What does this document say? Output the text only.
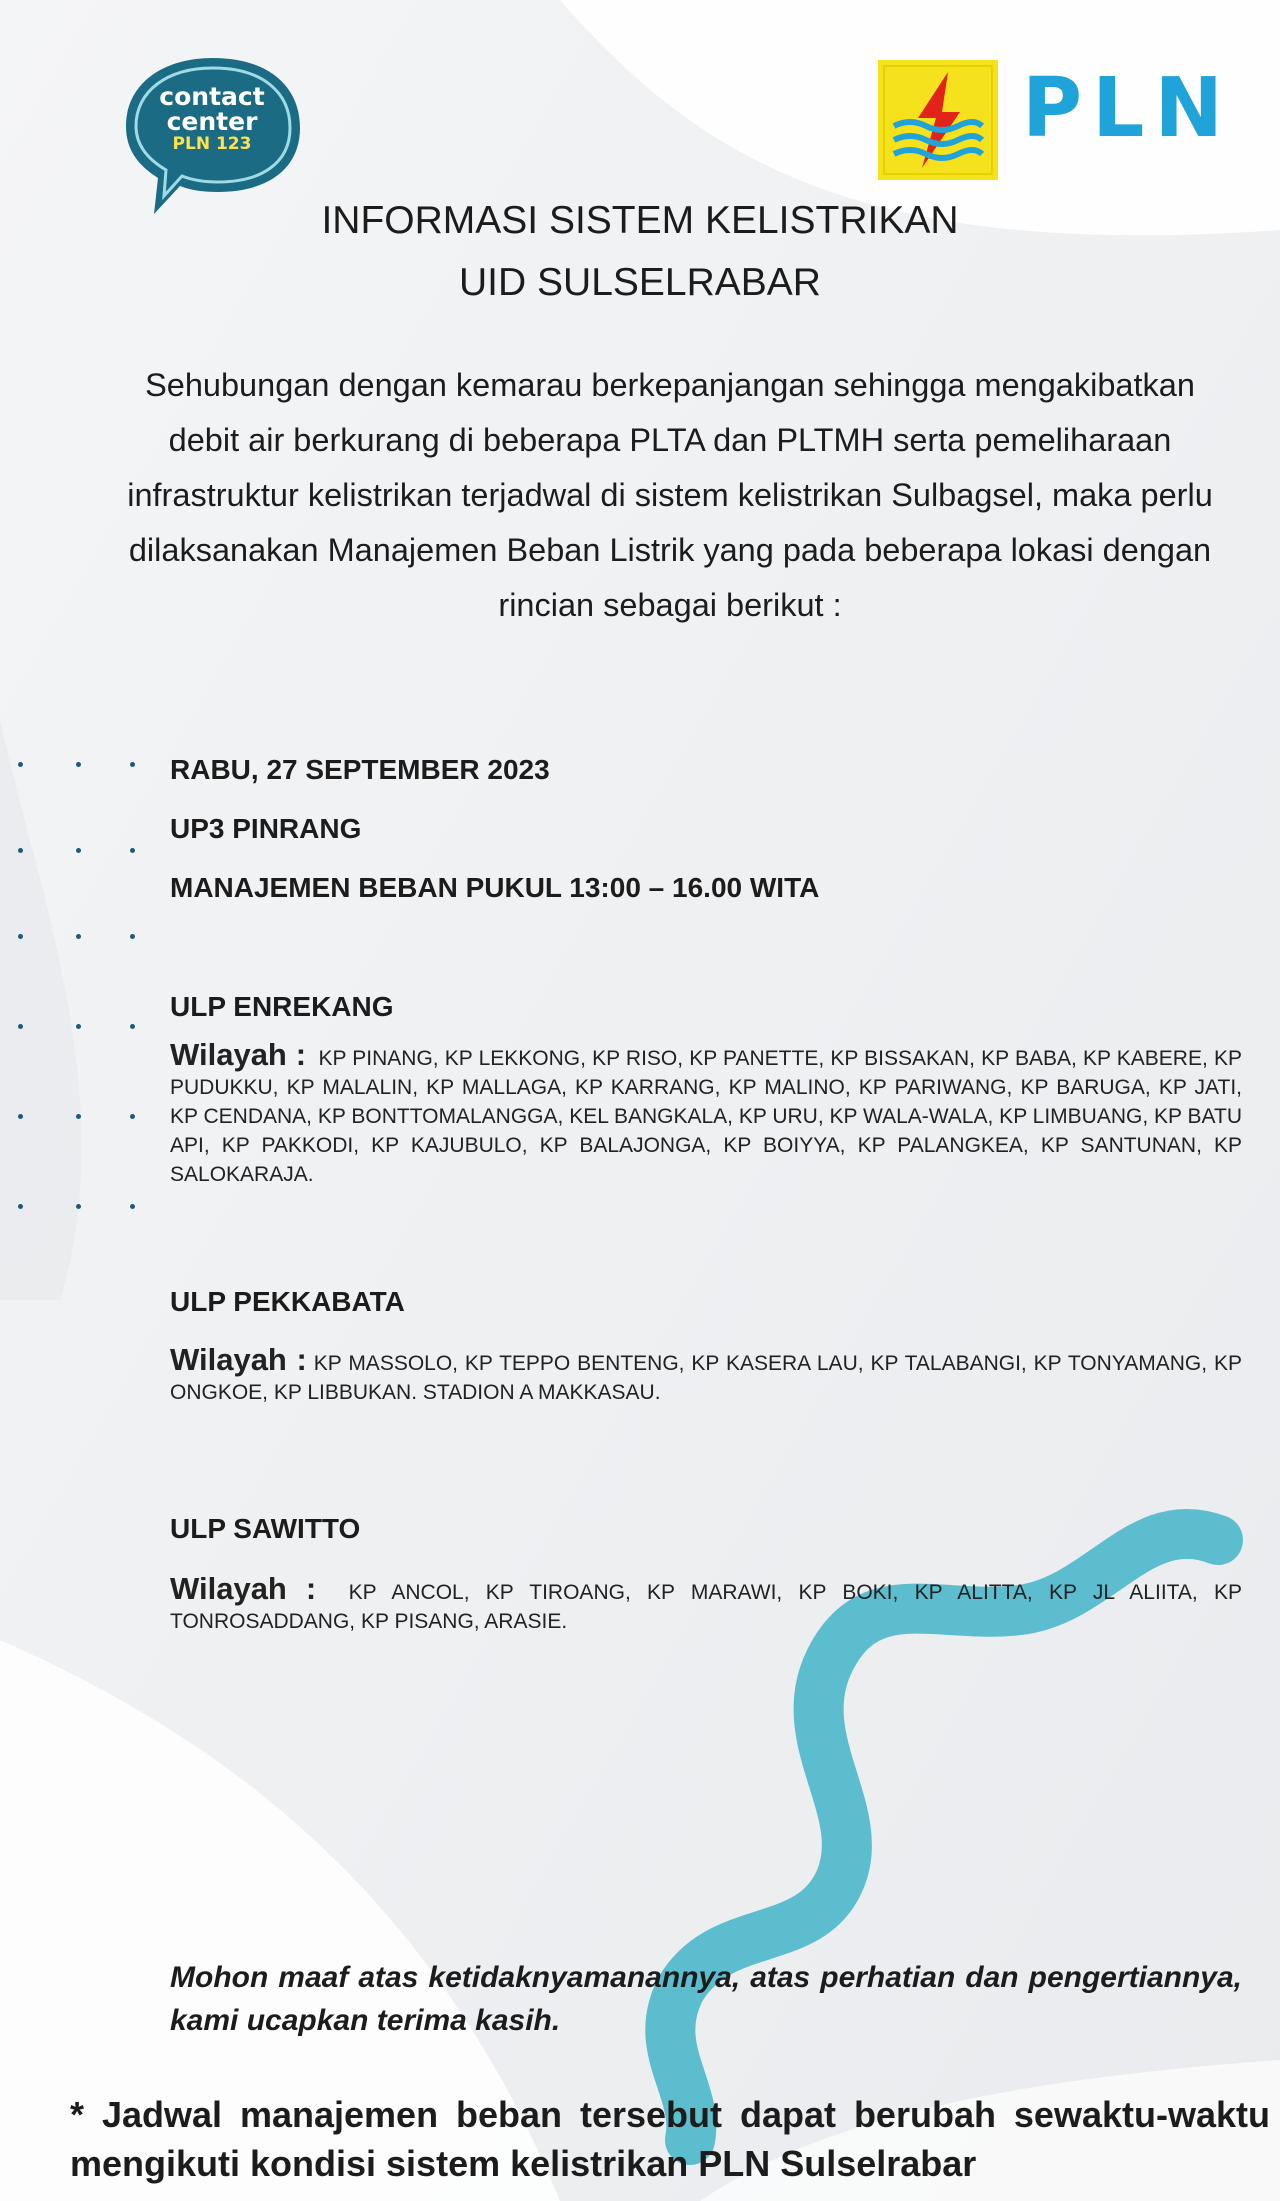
contact
center
PLN 123	PLN
INFORMASI SISTEM KELISTRIKAN
UID SULSELRABAR
Sehubungan dengan kemarau berkepanjangan sehingga mengakibatkan debit air berkurang di beberapa PLTA dan PLTMH serta pemeliharaan infrastruktur kelistrikan terjadwal di sistem kelistrikan Sulbagsel, maka perlu dilaksanakan Manajemen Beban Listrik yang pada beberapa lokasi dengan rincian sebagai berikut :
RABU, 27 SEPTEMBER 2023
UP3 PINRANG
MANAJEMEN BEBAN PUKUL 13:00 – 16.00 WITA
ULP ENREKANG
Wilayah : KP PINANG, KP LEKKONG, KP RISO, KP PANETTE, KP BISSAKAN, KP BABA, KP KABERE, KP PUDUKKU, KP MALALIN, KP MALLAGA, KP KARRANG, KP MALINO, KP PARIWANG, KP BARUGA, KP JATI, KP CENDANA, KP BONTTOMALANGGA, KEL BANGKALA, KP URU, KP WALA-WALA, KP LIMBUANG, KP BATU API, KP PAKKODI, KP KAJUBULO, KP BALAJONGA, KP BOIYYA, KP PALANGKEA, KP SANTUNAN, KP SALOKARAJA.
ULP PEKKABATA
Wilayah : KP MASSOLO, KP TEPPO BENTENG, KP KASERA LAU, KP TALABANGI, KP TONYAMANG, KP ONGKOE, KP LIBBUKAN. STADION A MAKKASAU.
ULP SAWITTO
Wilayah : KP ANCOL, KP TIROANG, KP MARAWI, KP BOKI, KP ALITTA, KP JL ALIITA, KP TONROSADDANG, KP PISANG, ARASIE.
Mohon maaf atas ketidaknyamanannya, atas perhatian dan pengertiannya, kami ucapkan terima kasih.
* Jadwal manajemen beban tersebut dapat berubah sewaktu-waktu mengikuti kondisi sistem kelistrikan PLN Sulselrabar
